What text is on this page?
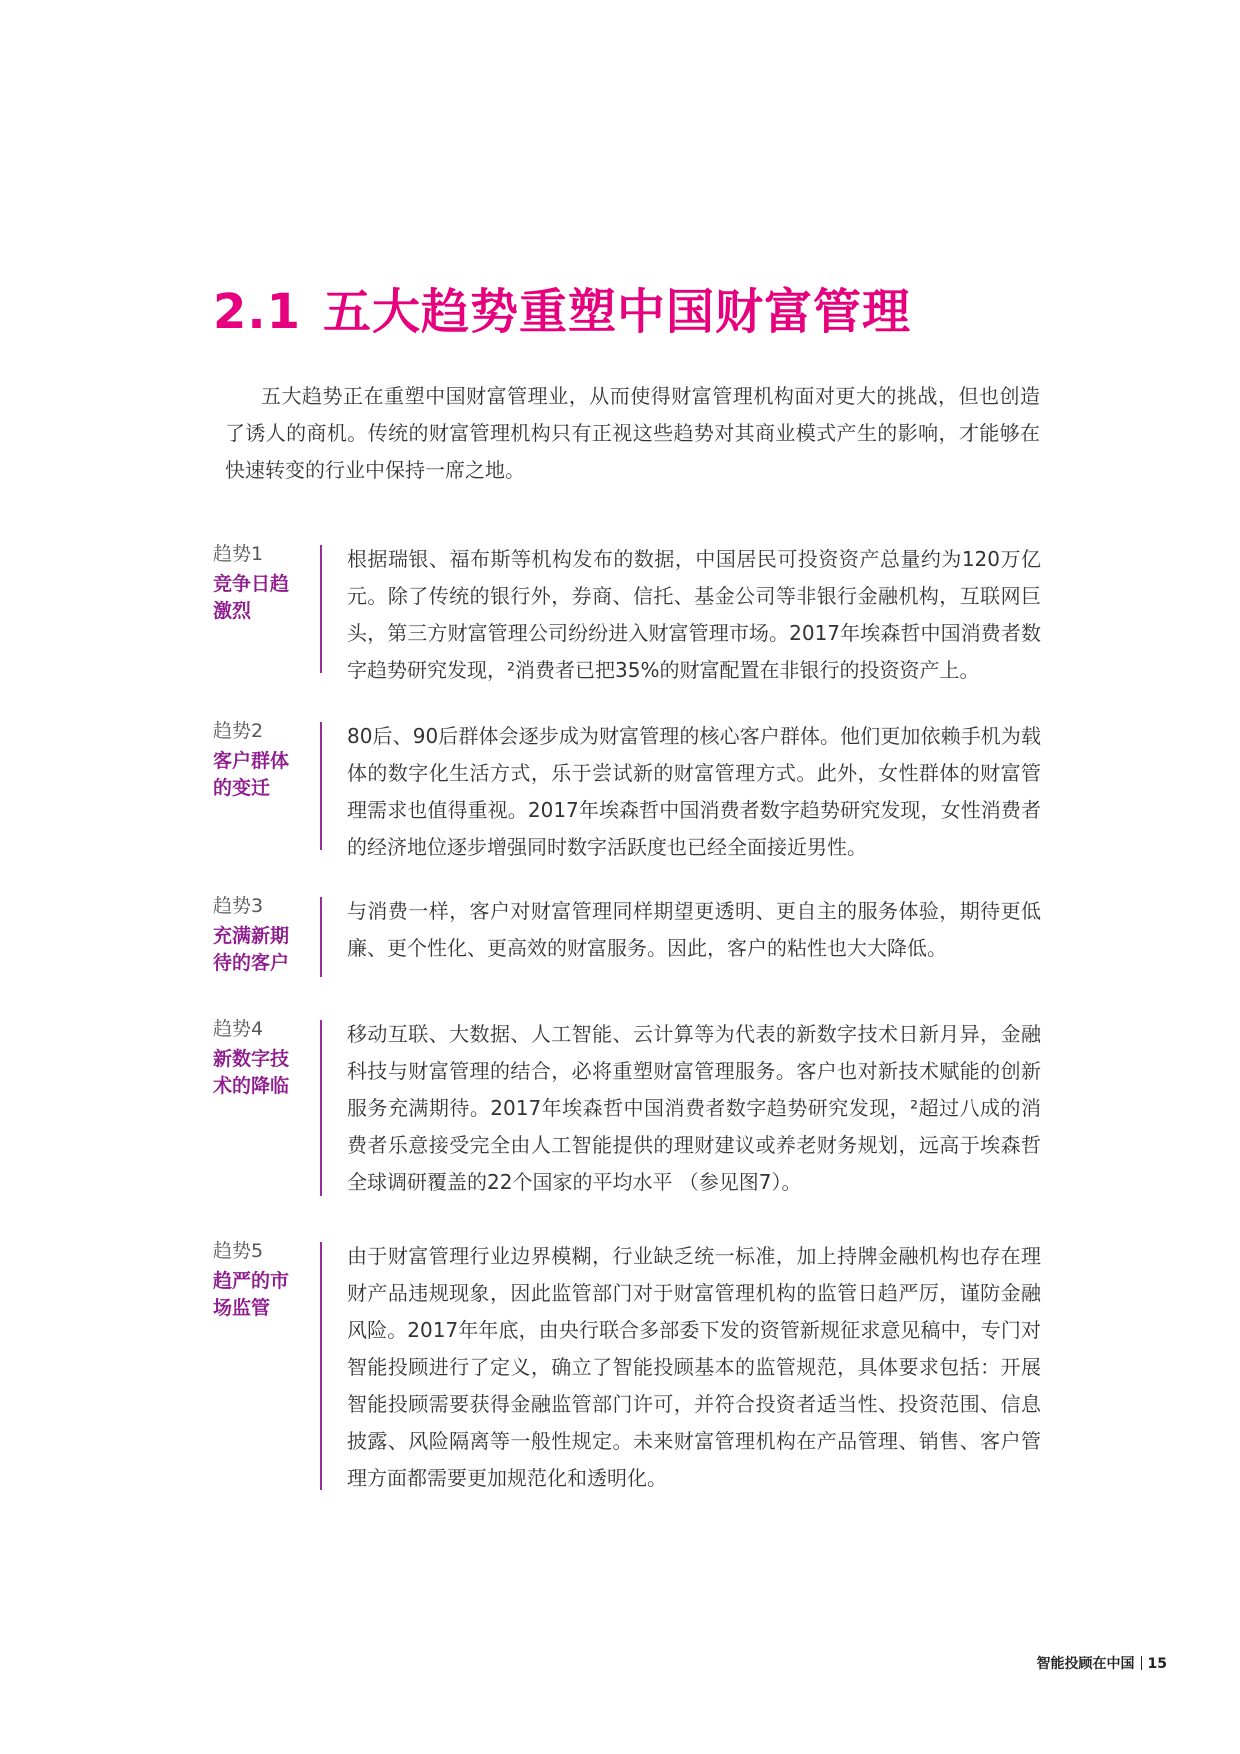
2.1 五大趋势重塑中国财富管理

五大趋势正在重塑中国财富管理业，从而使得财富管理机构面对更大的挑战，但也创造了诱人的商机。传统的财富管理机构只有正视这些趋势对其商业模式产生的影响，才能够在快速转变的行业中保持一席之地。

趋势1
竞争日趋激烈
根据瑞银、福布斯等机构发布的数据，中国居民可投资资产总量约为120万亿元。除了传统的银行外，券商、信托、基金公司等非银行金融机构，互联网巨头，第三方财富管理公司纷纷进入财富管理市场。2017年埃森哲中国消费者数字趋势研究发现，²消费者已把35%的财富配置在非银行的投资资产上。
趋势2
客户群体的变迁
80后、90后群体会逐步成为财富管理的核心客户群体。他们更加依赖手机为载体的数字化生活方式，乐于尝试新的财富管理方式。此外，女性群体的财富管理需求也值得重视。2017年埃森哲中国消费者数字趋势研究发现，女性消费者的经济地位逐步增强同时数字活跃度也已经全面接近男性。
趋势3
充满新期待的客户
与消费一样，客户对财富管理同样期望更透明、更自主的服务体验，期待更低廉、更个性化、更高效的财富服务。因此，客户的粘性也大大降低。
趋势4
新数字技术的降临
移动互联、大数据、人工智能、云计算等为代表的新数字技术日新月异，金融科技与财富管理的结合，必将重塑财富管理服务。客户也对新技术赋能的创新服务充满期待。2017年埃森哲中国消费者数字趋势研究发现，²超过八成的消费者乐意接受完全由人工智能提供的理财建议或养老财务规划，远高于埃森哲全球调研覆盖的22个国家的平均水平 （参见图7）。
趋势5
趋严的市场监管
由于财富管理行业边界模糊，行业缺乏统一标准，加上持牌金融机构也存在理财产品违规现象，因此监管部门对于财富管理机构的监管日趋严厉，谨防金融风险。2017年年底，由央行联合多部委下发的资管新规征求意见稿中，专门对智能投顾进行了定义，确立了智能投顾基本的监管规范，具体要求包括：开展智能投顾需要获得金融监管部门许可，并符合投资者适当性、投资范围、信息披露、风险隔离等一般性规定。未来财富管理机构在产品管理、销售、客户管理方面都需要更加规范化和透明化。
智能投顾在中国 15
